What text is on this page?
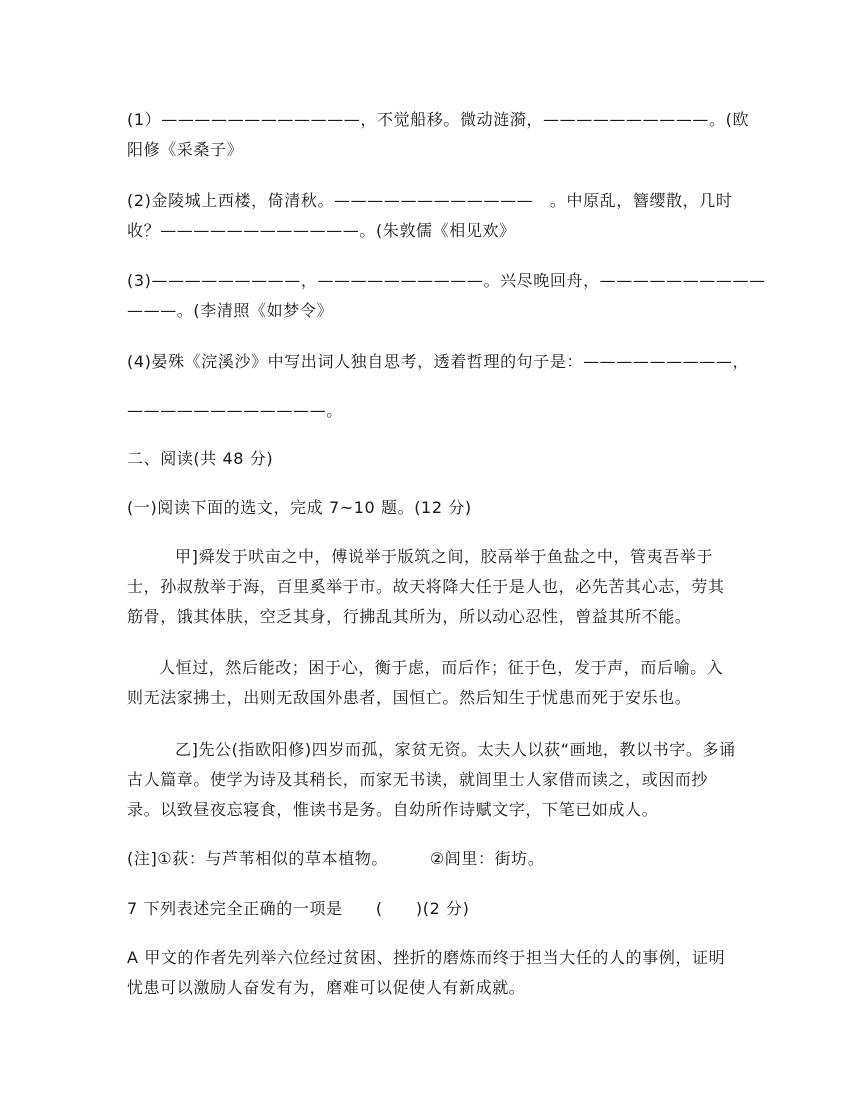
(1）————————————，不觉船移。微动涟漪，——————————。(欧
阳修《采桑子》
(2)金陵城上西楼，倚清秋。————————————　。中原乱，簪缨散，几时
收？————————————。(朱敦儒《相见欢》
(3)—————————，——————————。兴尽晚回舟，——————————
———。(李清照《如梦令》
(4)晏殊《浣溪沙》中写出词人独自思考，透着哲理的句子是：—————————，
————————————。
二、阅读(共 48 分)
(一)阅读下面的选文，完成 7~10 题。(12 分)
甲]舜发于吠亩之中，傅说举于版筑之间，胶鬲举于鱼盐之中，管夷吾举于士，孙叔敖举于海，百里奚举于市。故天将降大任于是人也，必先苦其心志，劳其筋骨，饿其体肤，空乏其身，行拂乱其所为，所以动心忍性，曾益其所不能。
人恒过，然后能改；困于心，衡于虑，而后作；征于色，发于声，而后喻。入则无法家拂士，出则无敌国外患者，国恒亡。然后知生于忧患而死于安乐也。
乙]先公(指欧阳修)四岁而孤，家贫无资。太夫人以荻“画地，教以书字。多诵古人篇章。使学为诗及其稍长，而家无书读，就闾里士人家借而读之，或因而抄录。以致昼夜忘寝食，惟读书是务。自幼所作诗赋文字，下笔已如成人。
(注]①荻：与芦苇相似的草本植物。　　　②闾里：街坊。
7 下列表述完全正确的一项是　　(　　)(2 分)
A 甲文的作者先列举六位经过贫困、挫折的磨炼而终于担当大任的人的事例，证明忧患可以激励人奋发有为，磨难可以促使人有新成就。
